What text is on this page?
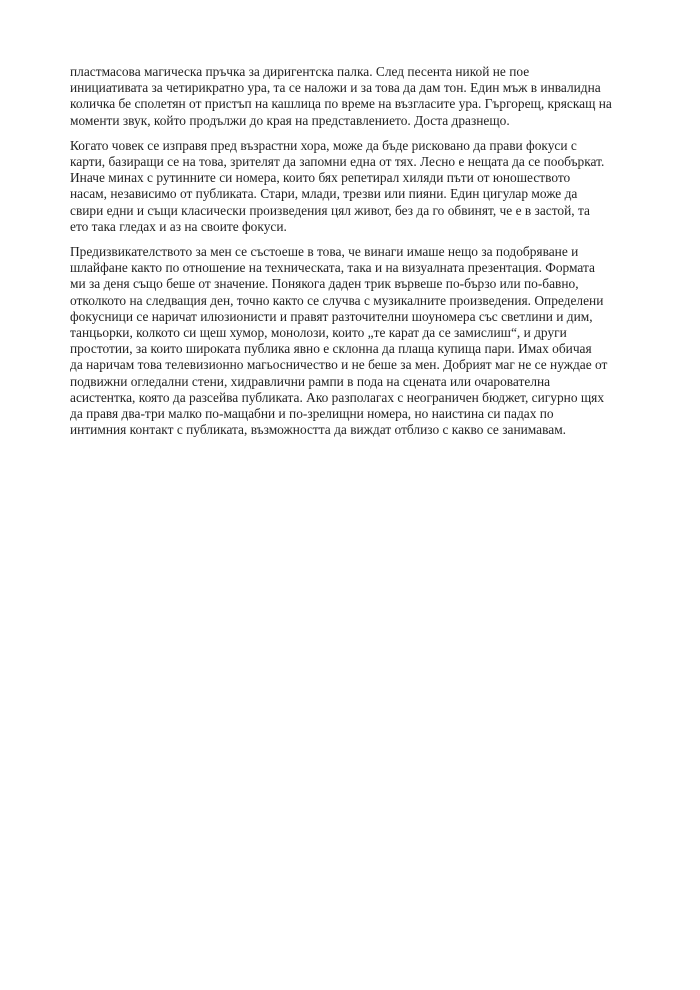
пластмасова магическа пръчка за диригентска палка. След песента никой не пое
инициативата за четирикратно ура, та се наложи и за това да дам тон. Един мъж в инвалидна
количка бе сполетян от пристъп на кашлица по време на възгласите ура. Гъргорещ, кряскащ на
моменти звук, който продължи до края на представлението. Доста дразнещо.

Когато човек се изправя пред възрастни хора, може да бъде рисковано да прави фокуси с
карти, базиращи се на това, зрителят да запомни една от тях. Лесно е нещата да се пообъркат.
Иначе минах с рутинните си номера, които бях репетирал хиляди пъти от юношеството
насам, независимо от публиката. Стари, млади, трезви или пияни. Един цигулар може да
свири едни и същи класически произведения цял живот, без да го обвинят, че е в застой, та
ето така гледах и аз на своите фокуси.

Предизвикателството за мен се състоеше в това, че винаги имаше нещо за подобряване и
шлайфане както по отношение на техническата, така и на визуалната презентация. Формата
ми за деня също беше от значение. Понякога даден трик вървеше по-бързо или по-бавно,
отколкото на следващия ден, точно както се случва с музикалните произведения. Определени
фокусници се наричат илюзионисти и правят разточителни шоуномера със светлини и дим,
танцьорки, колкото си щеш хумор, монолози, които „те карат да се замислиш“, и други
простотии, за които широката публика явно е склонна да плаща купища пари. Имах обичая
да наричам това телевизионно магьосничество и не беше за мен. Добрият маг не се нуждае от
подвижни огледални стени, хидравлични рампи в пода на сцената или очарователна
асистентка, която да разсейва публиката. Ако разполагах с неограничен бюджет, сигурно щях
да правя два-три малко по-мащабни и по-зрелищни номера, но наистина си падах по
интимния контакт с публиката, възможността да виждат отблизо с какво се занимавам.
